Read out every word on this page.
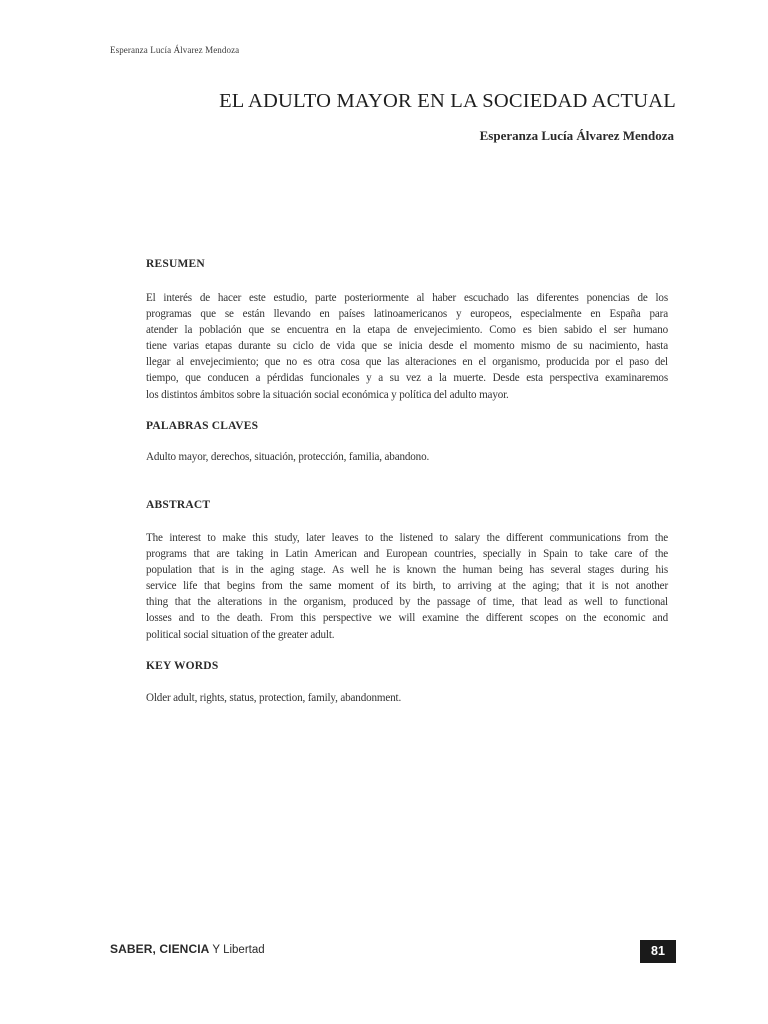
Esperanza Lucía Álvarez Mendoza
EL ADULTO MAYOR EN LA SOCIEDAD ACTUAL
Esperanza Lucía Álvarez Mendoza
RESUMEN
El interés de hacer este estudio, parte posteriormente al haber escuchado las diferentes ponencias de los
programas que se están llevando en países latinoamericanos y europeos, especialmente en España para
atender la población que se encuentra en la etapa de envejecimiento. Como es bien sabido el ser humano
tiene varias etapas durante su ciclo de vida que se inicia desde el momento mismo de su nacimiento, hasta
llegar al envejecimiento; que no es otra cosa que las alteraciones en el organismo, producida por el paso del
tiempo, que conducen a pérdidas funcionales y a su vez a la muerte. Desde esta perspectiva examinaremos
los distintos ámbitos sobre la situación social económica y política del adulto mayor.
PALABRAS CLAVES
Adulto mayor, derechos, situación, protección, familia, abandono.
ABSTRACT
The interest to make this study, later leaves to the listened to salary the different communications from the
programs that are taking in Latin American and European countries, specially in Spain to take care of the
population that is in the aging stage. As well he is known the human being has several stages during his
service life that begins from the same moment of its birth, to arriving at the aging; that it is not another
thing that the alterations in the organism, produced by the passage of time, that lead as well to functional
losses and to the death. From this perspective we will examine the different scopes on the economic and
political social situation of the greater adult.
KEY WORDS
Older adult, rights, status, protection, family, abandonment.
SABER, CIENCIA Y Libertad	81
